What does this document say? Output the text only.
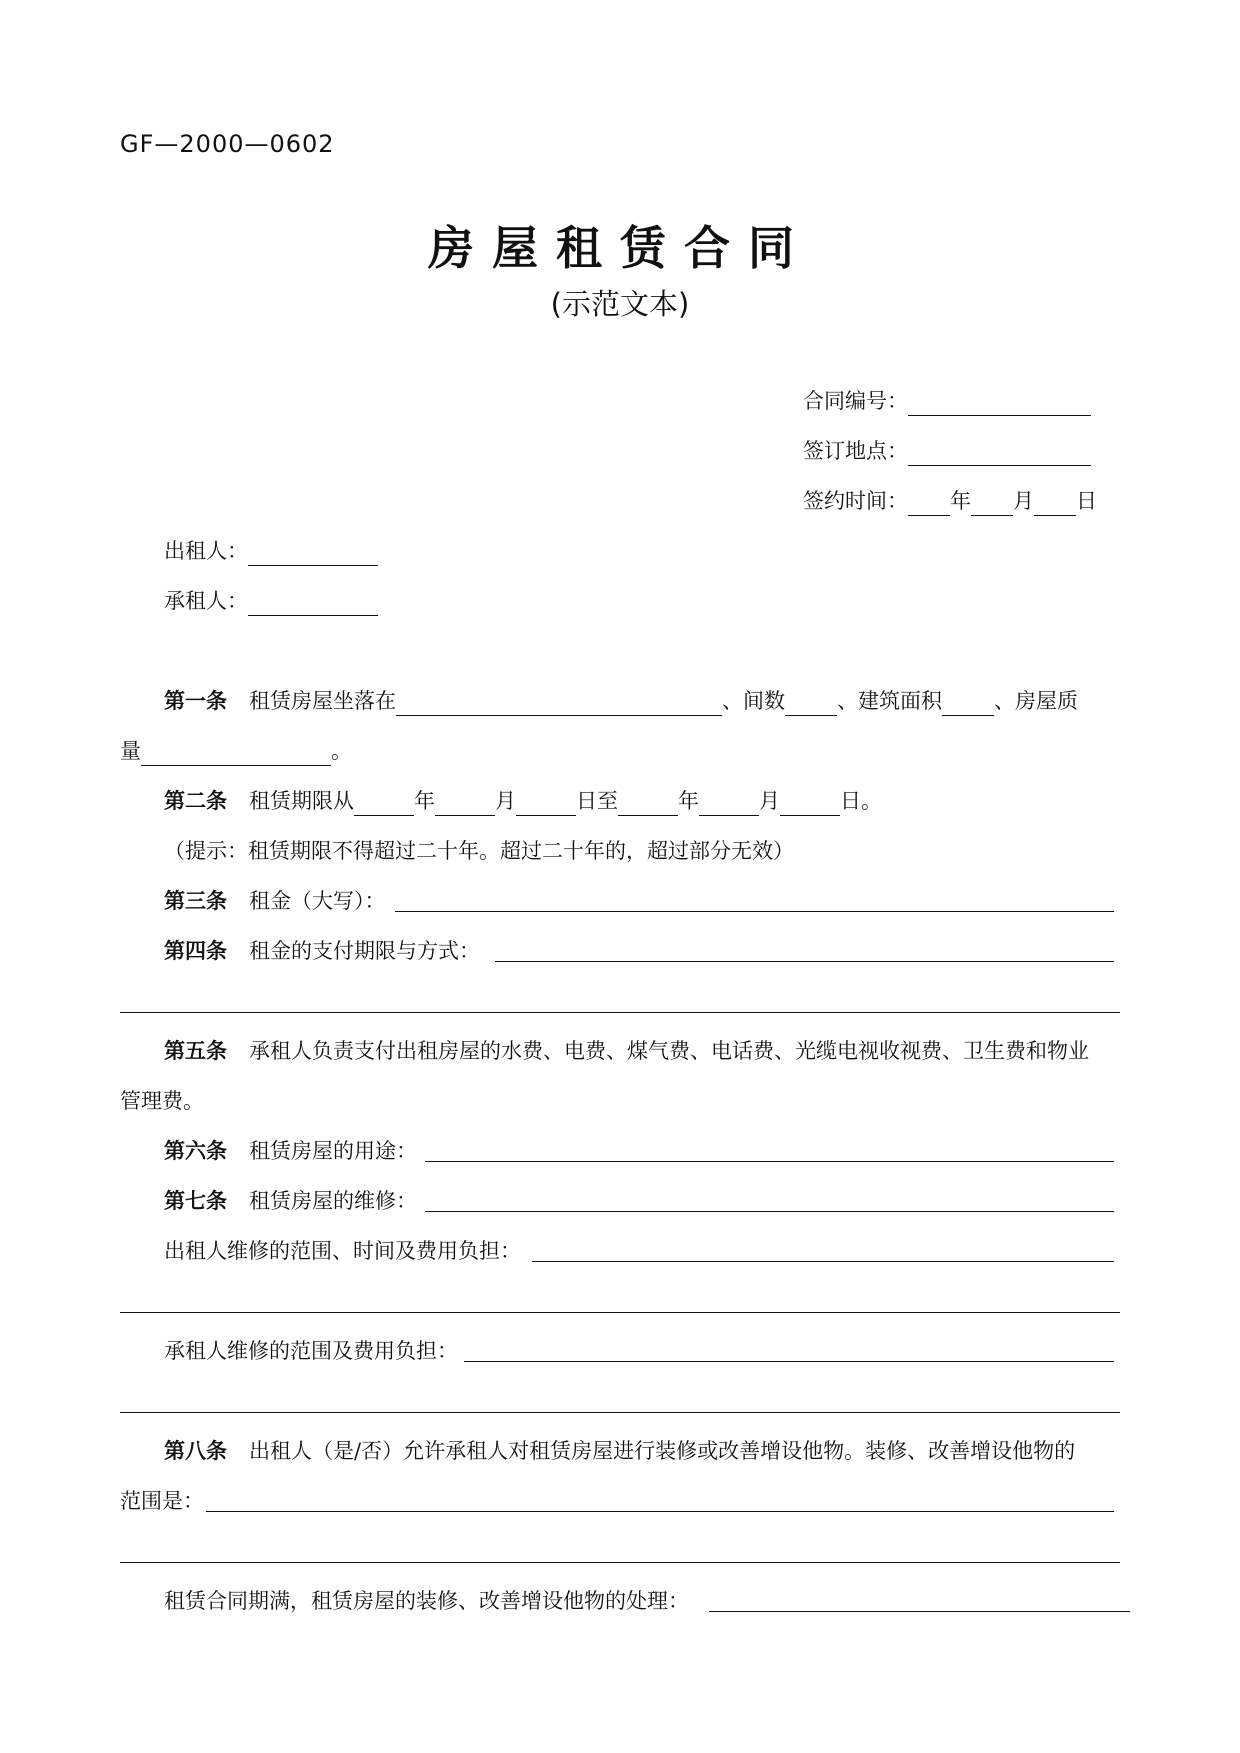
GF—2000—0602
房屋租赁合同
(示范文本)
合同编号：
签订地点：
签约时间： 年 月 日
出租人：
承租人：
第一条 租赁房屋坐落在	、间数 、建筑面积 、房屋质
量	。
第二条 租赁期限从	年	月	日至	年	月	日。
（提示：租赁期限不得超过二十年。超过二十年的，超过部分无效）
第三条 租金（大写）：
第四条 租金的支付期限与方式：
第五条 承租人负责支付出租房屋的水费、电费、煤气费、电话费、光缆电视收视费、卫生费和物业
管理费。
第六条 租赁房屋的用途：
第七条 租赁房屋的维修：
出租人维修的范围、时间及费用负担：
承租人维修的范围及费用负担：
第八条 出租人（是/否）允许承租人对租赁房屋进行装修或改善增设他物。装修、改善增设他物的
范围是：
租赁合同期满，租赁房屋的装修、改善增设他物的处理：
